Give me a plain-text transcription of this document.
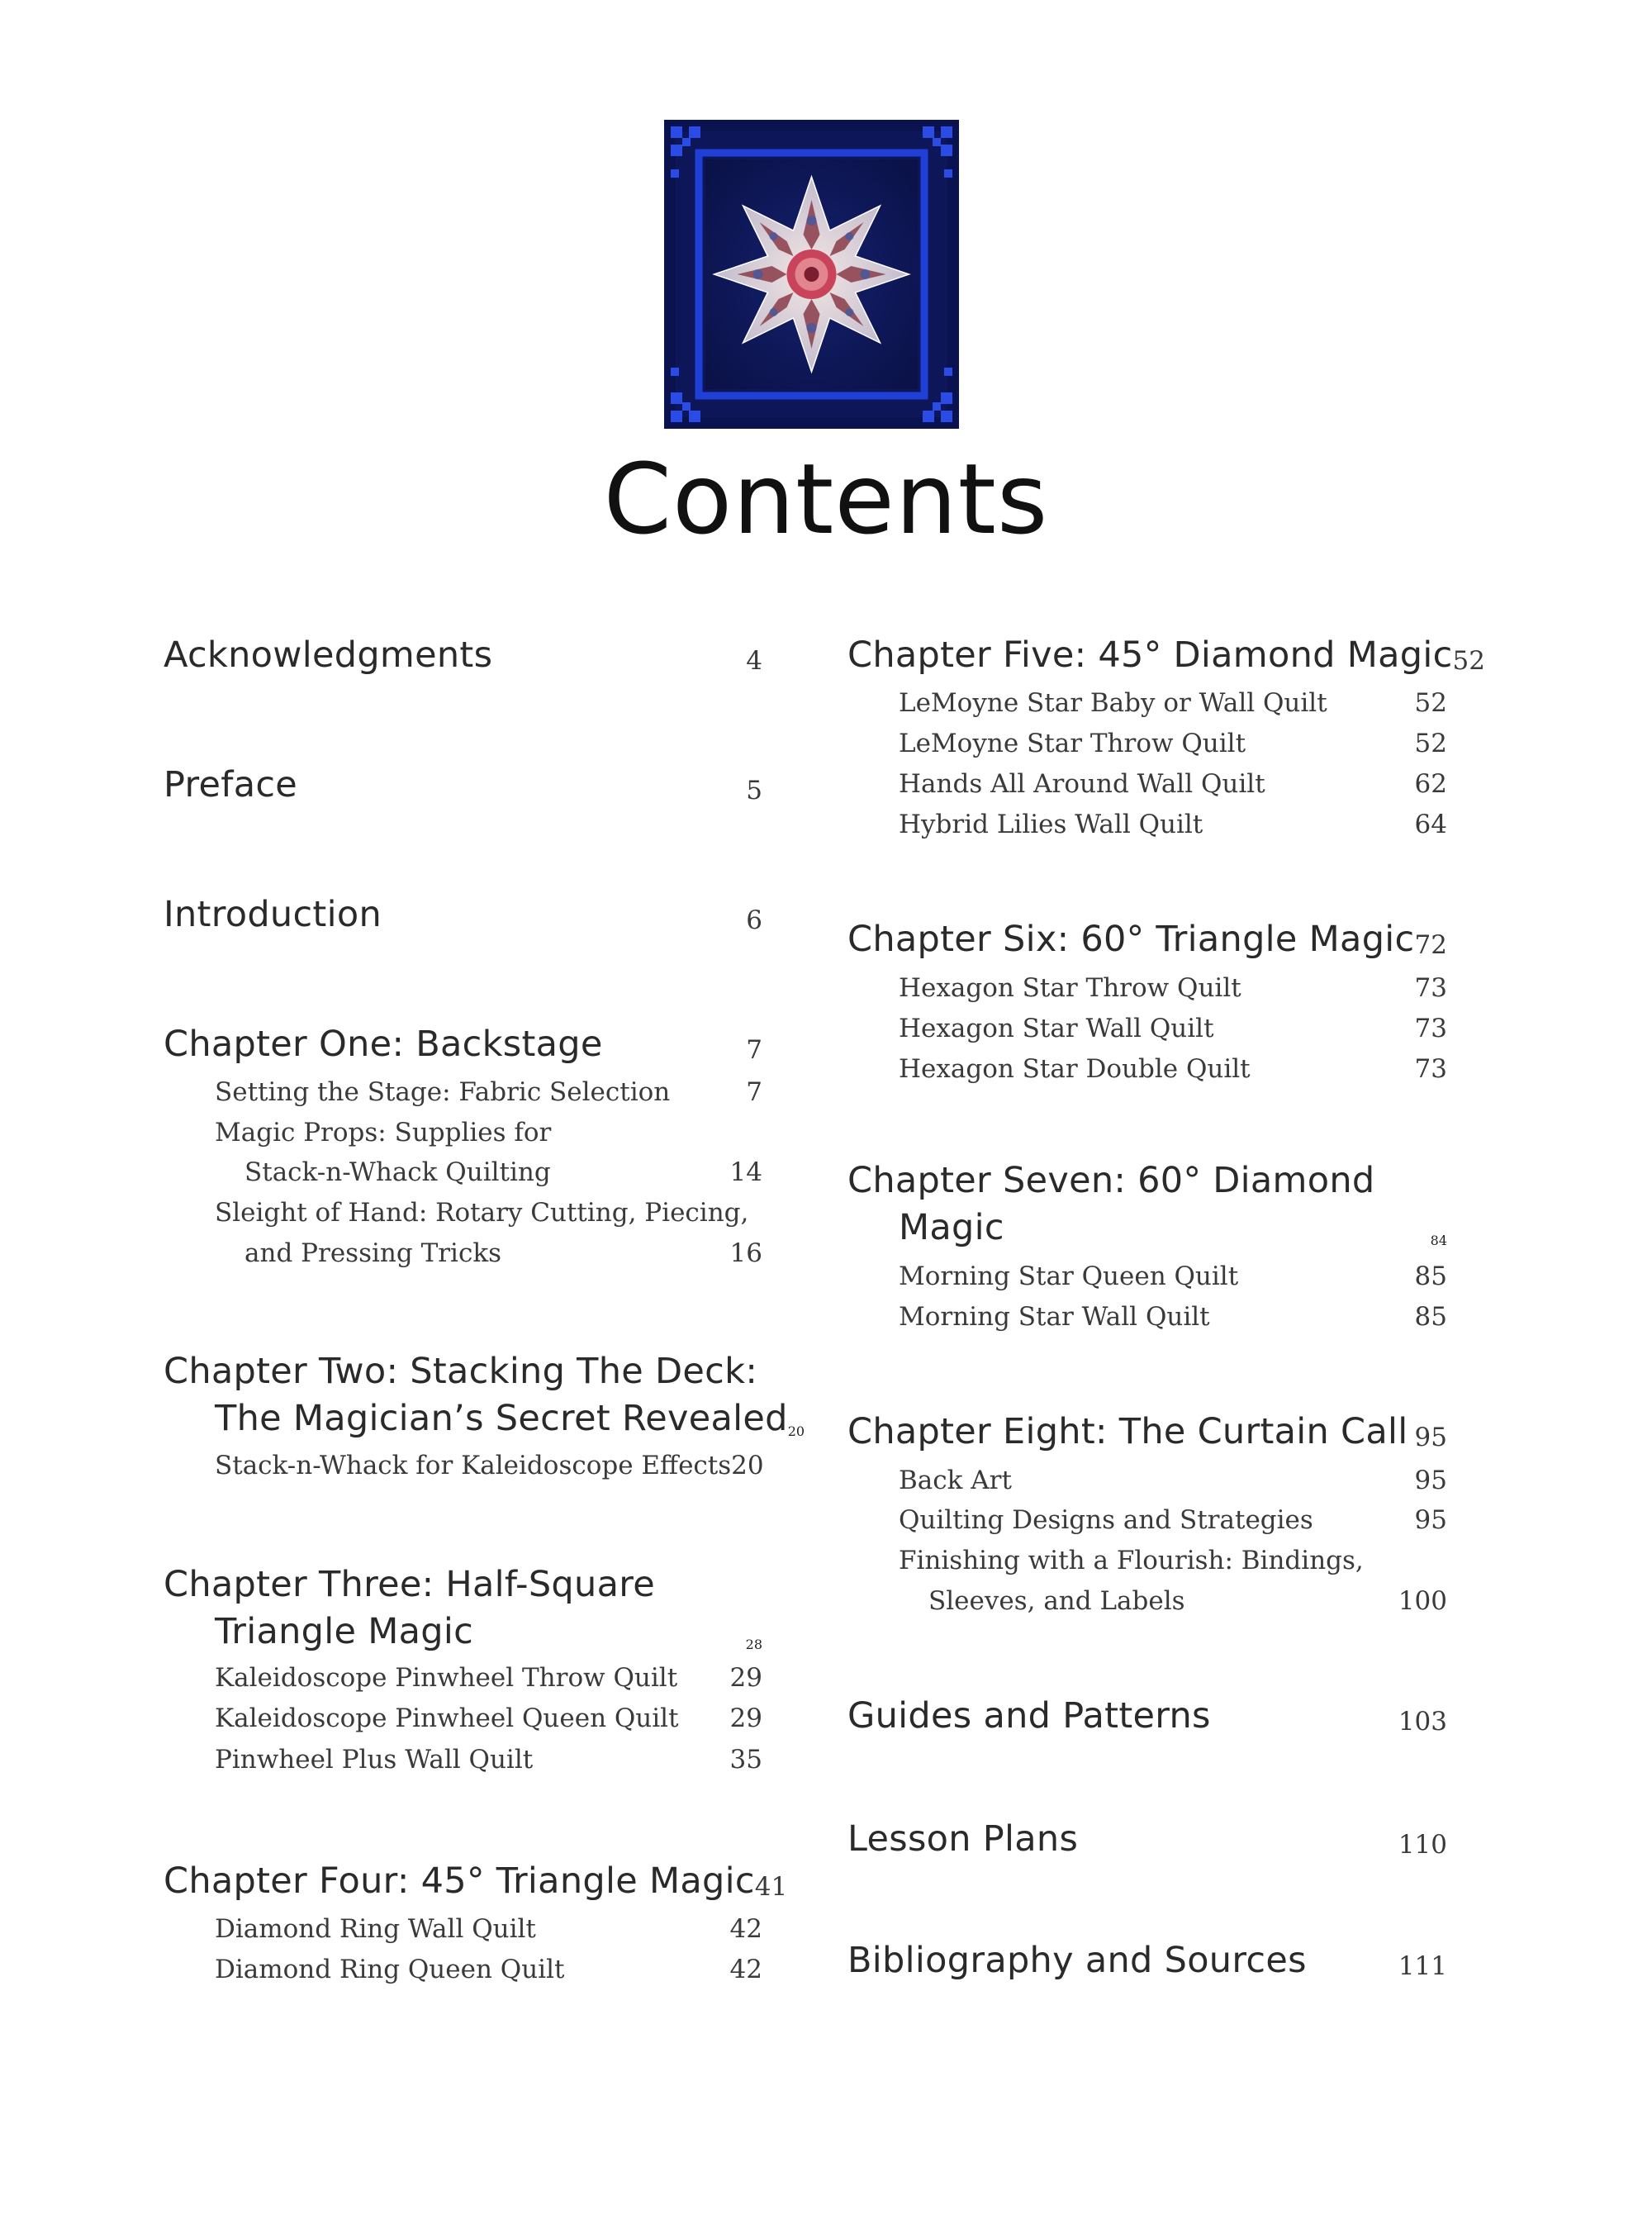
Contents
Acknowledgments	4
Preface	5
Introduction	6
Chapter One: Backstage	7
Setting the Stage: Fabric Selection	7
Magic Props: Supplies for
Stack-n-Whack Quilting	14
Sleight of Hand: Rotary Cutting, Piecing,
and Pressing Tricks	16
Chapter Two: Stacking The Deck:
The Magician’s Secret Revealed 20
Stack-n-Whack for Kaleidoscope Effects 20
Chapter Three: Half-Square
Triangle Magic	28
Kaleidoscope Pinwheel Throw Quilt	29
Kaleidoscope Pinwheel Queen Quilt	29
Pinwheel Plus Wall Quilt	35
Chapter Four: 45° Triangle Magic 41
Diamond Ring Wall Quilt	42
Diamond Ring Queen Quilt	42
Chapter Five: 45° Diamond Magic 52
LeMoyne Star Baby or Wall Quilt	52
LeMoyne Star Throw Quilt	52
Hands All Around Wall Quilt	62
Hybrid Lilies Wall Quilt	64
Chapter Six: 60° Triangle Magic 72
Hexagon Star Throw Quilt	73
Hexagon Star Wall Quilt	73
Hexagon Star Double Quilt	73
Chapter Seven: 60° Diamond
Magic	84
Morning Star Queen Quilt	85
Morning Star Wall Quilt	85
Chapter Eight: The Curtain Call 95
Back Art	95
Quilting Designs and Strategies	95
Finishing with a Flourish: Bindings,
Sleeves, and Labels	100
Guides and Patterns	103
Lesson Plans	110
Bibliography and Sources	111
